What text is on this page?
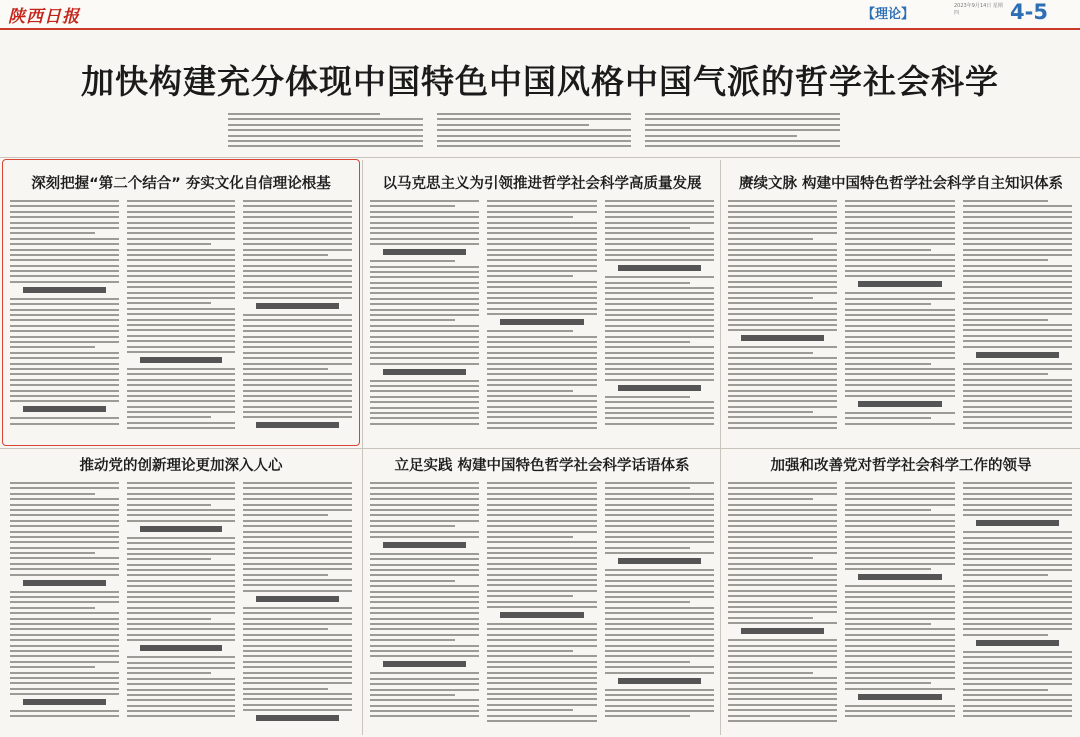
陕西日报	【理论】
2023年9月14日 星期四	4-5
加快构建充分体现中国特色中国风格中国气派的哲学社会科学
深刻把握“第二个结合” 夯实文化自信理论根基	以马克思主义为引领推进哲学社会科学高质量发展	赓续文脉 构建中国特色哲学社会科学自主知识体系
推动党的创新理论更加深入人心	立足实践 构建中国特色哲学社会科学话语体系	加强和改善党对哲学社会科学工作的领导
